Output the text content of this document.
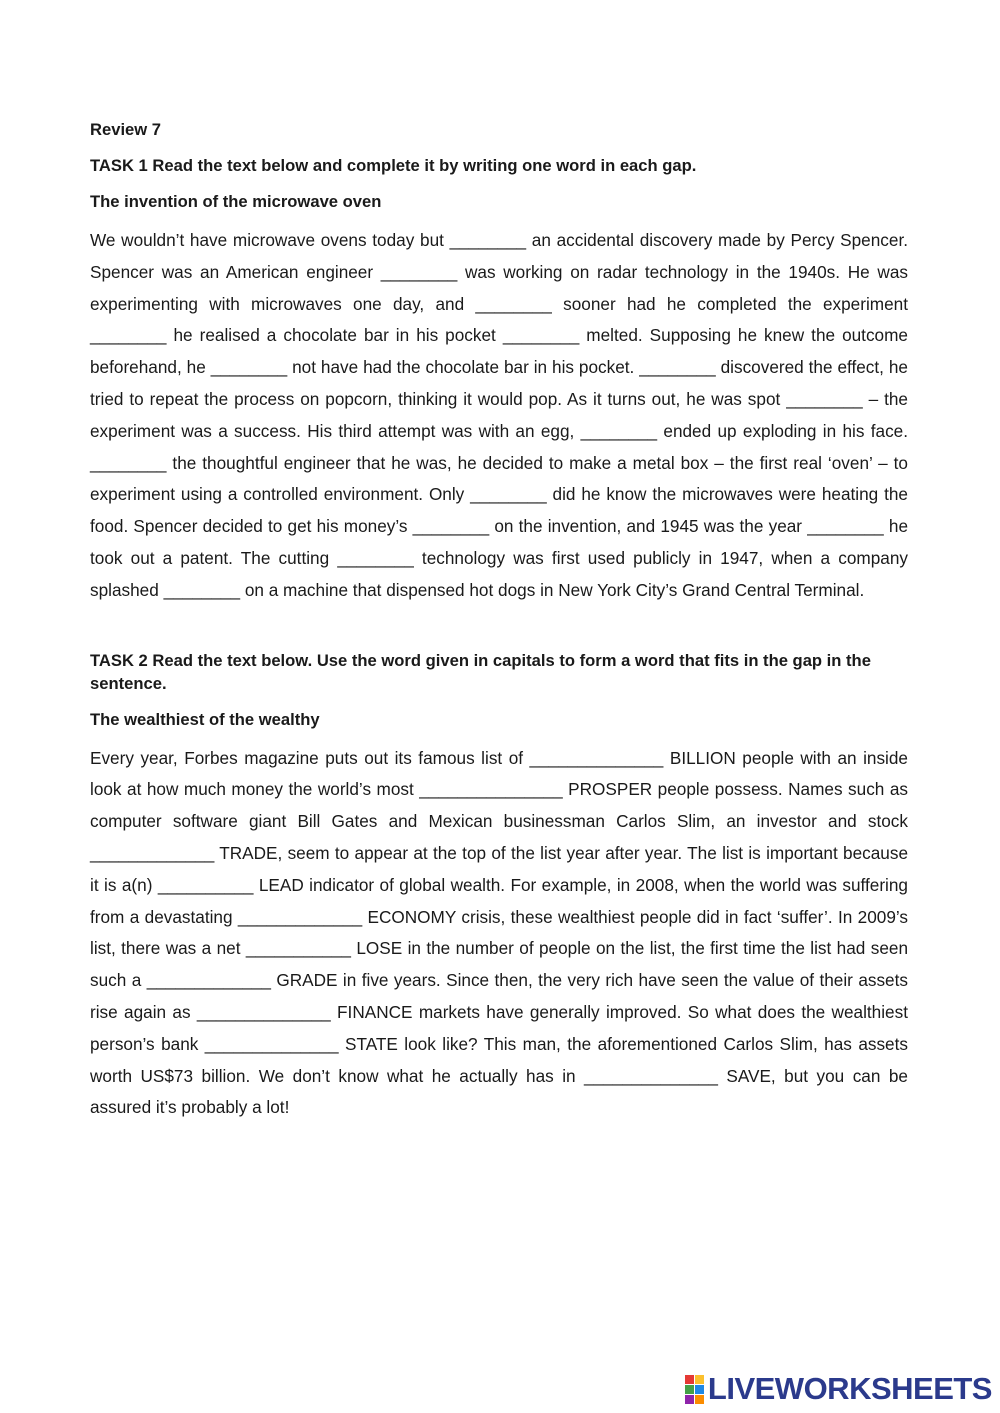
Review 7

TASK 1 Read the text below and complete it by writing one word in each gap.

The invention of the microwave oven

We wouldn’t have microwave ovens today but ________ an accidental discovery made by Percy Spencer. Spencer was an American engineer ________ was working on radar technology in the 1940s. He was experimenting with microwaves one day, and ________ sooner had he completed the experiment ________ he realised a chocolate bar in his pocket ________ melted. Supposing he knew the outcome beforehand, he ________ not have had the chocolate bar in his pocket. ________ discovered the effect, he tried to repeat the process on popcorn, thinking it would pop. As it turns out, he was spot ________ – the experiment was a success. His third attempt was with an egg, ________ ended up exploding in his face. ________ the thoughtful engineer that he was, he decided to make a metal box – the first real ‘oven’ – to experiment using a controlled environment. Only ________ did he know the microwaves were heating the food. Spencer decided to get his money’s ________ on the invention, and 1945 was the year ________ he took out a patent. The cutting ________ technology was first used publicly in 1947, when a company splashed ________ on a machine that dispensed hot dogs in New York City’s Grand Central Terminal.

TASK 2 Read the text below. Use the word given in capitals to form a word that fits in the gap in the sentence.

The wealthiest of the wealthy

Every year, Forbes magazine puts out its famous list of ______________ BILLION people with an inside look at how much money the world’s most _______________ PROSPER people possess. Names such as computer software giant Bill Gates and Mexican businessman Carlos Slim, an investor and stock _____________ TRADE, seem to appear at the top of the list year after year. The list is important because it is a(n) __________ LEAD indicator of global wealth. For example, in 2008, when the world was suffering from a devastating _____________ ECONOMY crisis, these wealthiest people did in fact ‘suffer’. In 2009’s list, there was a net ___________ LOSE in the number of people on the list, the first time the list had seen such a _____________ GRADE in five years. Since then, the very rich have seen the value of their assets rise again as ______________ FINANCE markets have generally improved. So what does the wealthiest person’s bank ______________ STATE look like? This man, the aforementioned Carlos Slim, has assets worth US$73 billion. We don’t know what he actually has in ______________ SAVE, but you can be assured it’s probably a lot!

LIVEWORKSHEETS
